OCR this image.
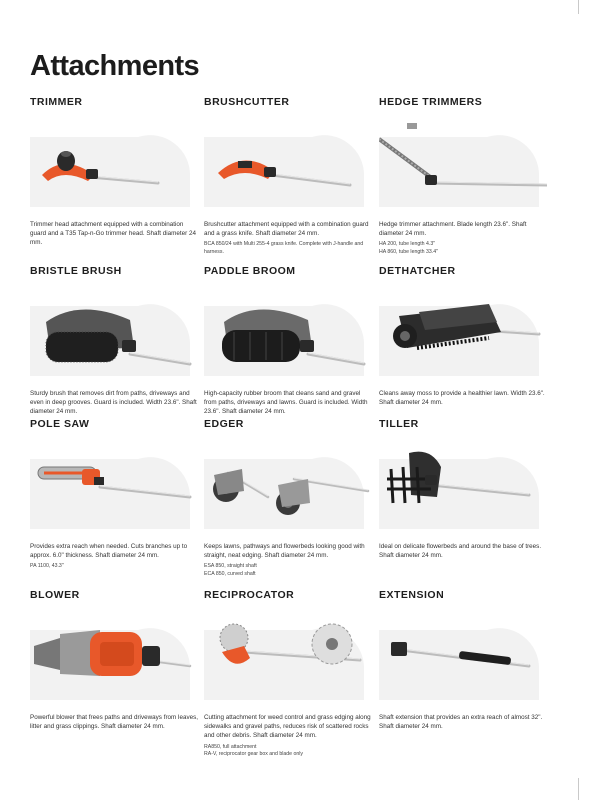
Attachments
TRIMMER

Trimmer head attachment equipped with a combination guard and a T35 Tap-n-Go trimmer head. Shaft diameter 24 mm.

BRUSHCUTTER

Brushcutter attachment equipped with a combination guard and a grass knife. Shaft diameter 24 mm.

BCA 850/24 with Multi 255-4 grass knife. Complete with J-handle and harness.
HEDGE TRIMMERS

Hedge trimmer attachment. Blade length 23.6". Shaft diameter 24 mm.

HA 200, tube length 4.3"
HA 860, tube length 33.4"
BRISTLE BRUSH

Sturdy brush that removes dirt from paths, driveways and even in deep grooves. Guard is included. Width 23.6". Shaft diameter 24 mm.

PADDLE BROOM

High-capacity rubber broom that cleans sand and gravel from paths, driveways and lawns. Guard is included. Width 23.6". Shaft diameter 24 mm.

DETHATCHER

Cleans away moss to provide a healthier lawn. Width 23.6". Shaft diameter 24 mm.

POLE SAW

Provides extra reach when needed. Cuts branches up to approx. 6.0" thickness. Shaft diameter 24 mm.

PA 1100, 43.3"
EDGER

Keeps lawns, pathways and flowerbeds looking good with straight, neat edging. Shaft diameter 24 mm.

ESA 850, straight shaft
ECA 850, curved shaft
TILLER

Ideal on delicate flowerbeds and around the base of trees. Shaft diameter 24 mm.

BLOWER

Powerful blower that frees paths and driveways from leaves, litter and grass clippings. Shaft diameter 24 mm.

RECIPROCATOR

Cutting attachment for weed control and grass edging along sidewalks and gravel paths, reduces risk of scattered rocks and other debris. Shaft diameter 24 mm.

RA850, full attachment
RA-V, reciprocator gear box and blade only
EXTENSION

Shaft extension that provides an extra reach of almost 32". Shaft diameter 24 mm.
